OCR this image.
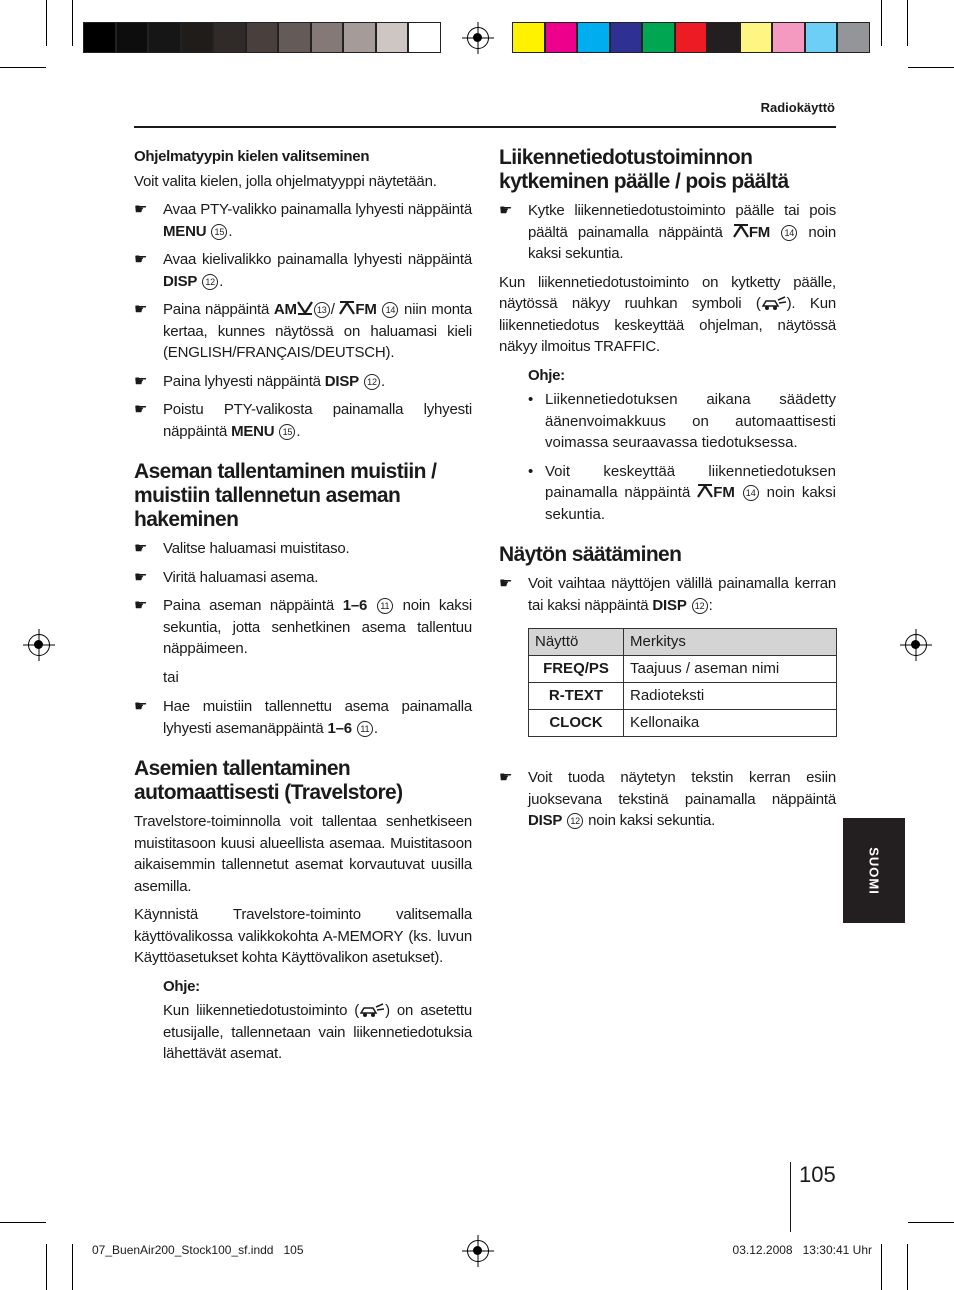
Radiokäyttö
Ohjelmatyypin kielen valitseminen
Voit valita kielen, jolla ohjelmatyyppi näytetään.
☛ Avaa PTY-valikko painamalla lyhyesti näppäintä MENU 15 .
☛ Avaa kielivalikko painamalla lyhyesti näppäintä DISP 12 .
☛ Paina näppäintä AM 13 / FM 14 niin monta kertaa, kunnes näytössä on haluamasi kieli (ENGLISH/FRANÇAIS/DEUTSCH).
☛ Paina lyhyesti näppäintä DISP 12 .
☛ Poistu PTY-valikosta painamalla lyhyesti näppäintä MENU 15 .
Aseman tallentaminen muistiin / muistiin tallennetun aseman hakeminen
☛ Valitse haluamasi muistitaso.
☛ Viritä haluamasi asema.
☛ Paina aseman näppäintä 1–6 11 noin kaksi sekuntia, jotta senhetkinen asema tallentuu näppäimeen.
tai
☛ Hae muistiin tallennettu asema painamalla lyhyesti asemanäppäintä 1–6 11 .
Asemien tallentaminen automaattisesti (Travelstore)
Travelstore-toiminnolla voit tallentaa senhetkiseen muistitasoon kuusi alueellista asemaa. Muistitasoon aikaisemmin tallennetut asemat korvautuvat uusilla asemilla.
Käynnistä Travelstore-toiminto valitsemalla käyttövalikossa valikkokohta A-MEMORY (ks. luvun Käyttöasetukset kohta Käyttövalikon asetukset).
Ohje:
Kun liikennetiedotustoiminto ( ) on asetettu etusijalle, tallennetaan vain liikennetiedotuksia lähettävät asemat.
Liikennetiedotustoiminnon kytkeminen päälle / pois päältä
☛ Kytke liikennetiedotustoiminto päälle tai pois päältä painamalla näppäintä FM 14 noin kaksi sekuntia.
Kun liikennetiedotustoiminto on kytketty päälle, näytössä näkyy ruuhkan symboli ( ). Kun liikennetiedotus keskeyttää ohjelman, näytössä näkyy ilmoitus TRAFFIC.
Ohje:
• Liikennetiedotuksen aikana säädetty äänenvoimakkuus on automaattisesti voimassa seuraavassa tiedotuksessa.
• Voit keskeyttää liikennetiedotuksen painamalla näppäintä FM 14 noin kaksi sekuntia.
Näytön säätäminen
☛ Voit vaihtaa näyttöjen välillä painamalla kerran tai kaksi näppäintä DISP 12 :
Näyttö	Merkitys
FREQ/PS	Taajuus / aseman nimi
R-TEXT	Radioteksti
CLOCK	Kellonaika
☛ Voit tuoda näytetyn tekstin kerran esiin juoksevana tekstinä painamalla näppäintä DISP 12 noin kaksi sekuntia.
SUOMI
105
07_BuenAir200_Stock100_sf.indd   105	03.12.2008   13:30:41 Uhr
